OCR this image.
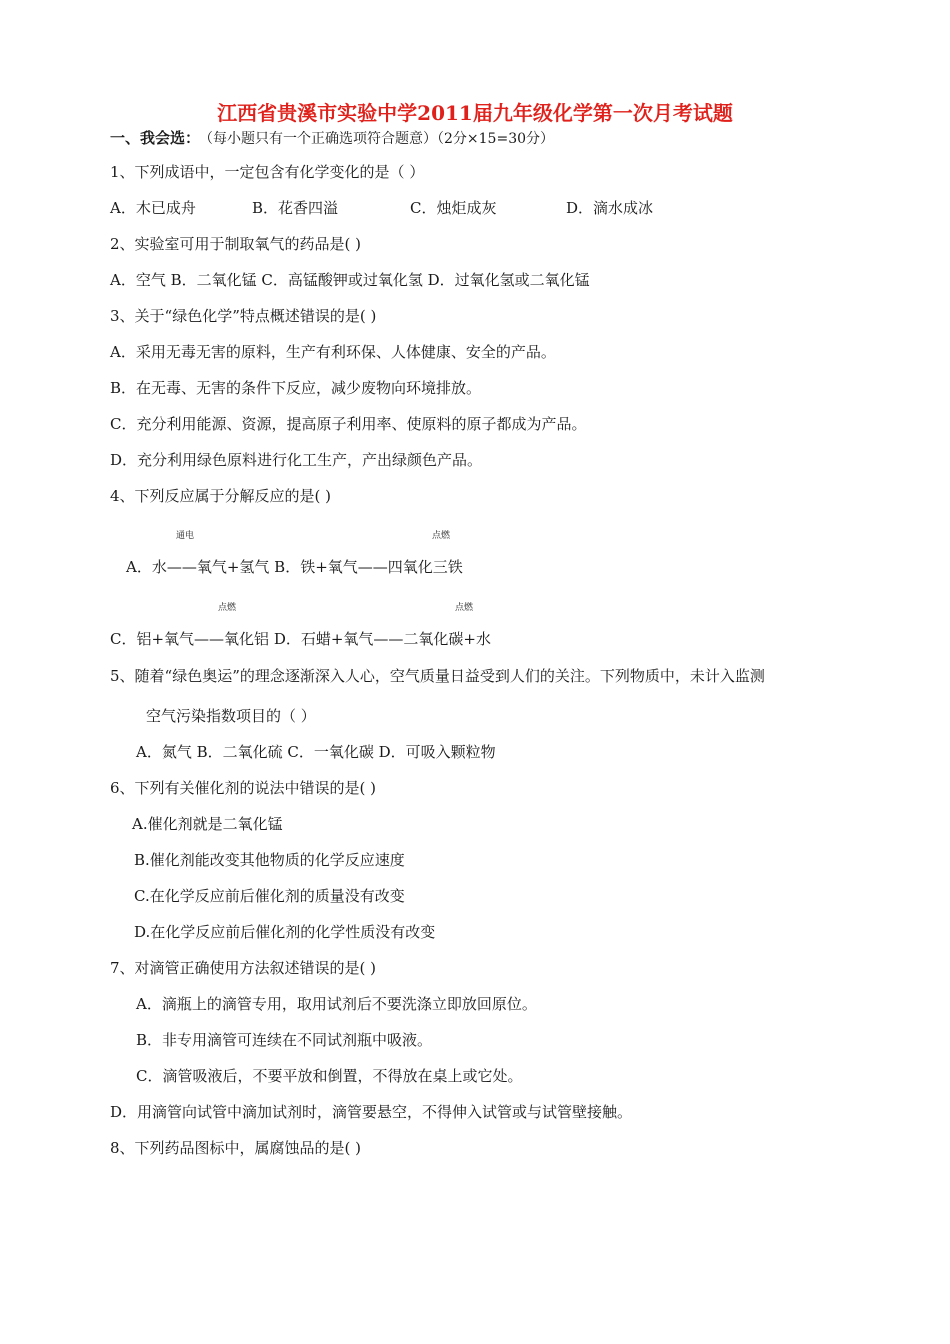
江西省贵溪市实验中学2011届九年级化学第一次月考试题
一、我会选： （每小题只有一个正确选项符合题意）（2分×15=30分）
1、下列成语中，一定包含有化学变化的是（ ）
A．木已成舟	B．花香四溢	C．烛炬成灰	D．滴水成冰
2、实验室可用于制取氧气的药品是( )
A．空气 B．二氧化锰 C．高锰酸钾或过氧化氢 D．过氧化氢或二氧化锰
3、关于“绿色化学”特点概述错误的是( )
A．采用无毒无害的原料，生产有利环保、人体健康、安全的产品。
B．在无毒、无害的条件下反应，减少废物向环境排放。
C．充分利用能源、资源，提高原子利用率、使原料的原子都成为产品。
D．充分利用绿色原料进行化工生产，产出绿颜色产品。
4、下列反应属于分解反应的是( )
通电	点燃
A．水——氧气+氢气 B．铁+氧气——四氧化三铁
点燃	点燃
C．铝+氧气——氧化铝 D．石蜡+氧气——二氧化碳+水
5、随着“绿色奥运”的理念逐渐深入人心，空气质量日益受到人们的关注。下列物质中，未计入监测
空气污染指数项目的（ ）
A．氮气 B．二氧化硫 C．一氧化碳 D．可吸入颗粒物
6、下列有关催化剂的说法中错误的是( )
A.催化剂就是二氧化锰
B.催化剂能改变其他物质的化学反应速度
C.在化学反应前后催化剂的质量没有改变
D.在化学反应前后催化剂的化学性质没有改变
7、对滴管正确使用方法叙述错误的是( )
A．滴瓶上的滴管专用，取用试剂后不要洗涤立即放回原位。
B．非专用滴管可连续在不同试剂瓶中吸液。
C．滴管吸液后，不要平放和倒置，不得放在桌上或它处。
D．用滴管向试管中滴加试剂时，滴管要悬空，不得伸入试管或与试管壁接触。
8、下列药品图标中，属腐蚀品的是( )
